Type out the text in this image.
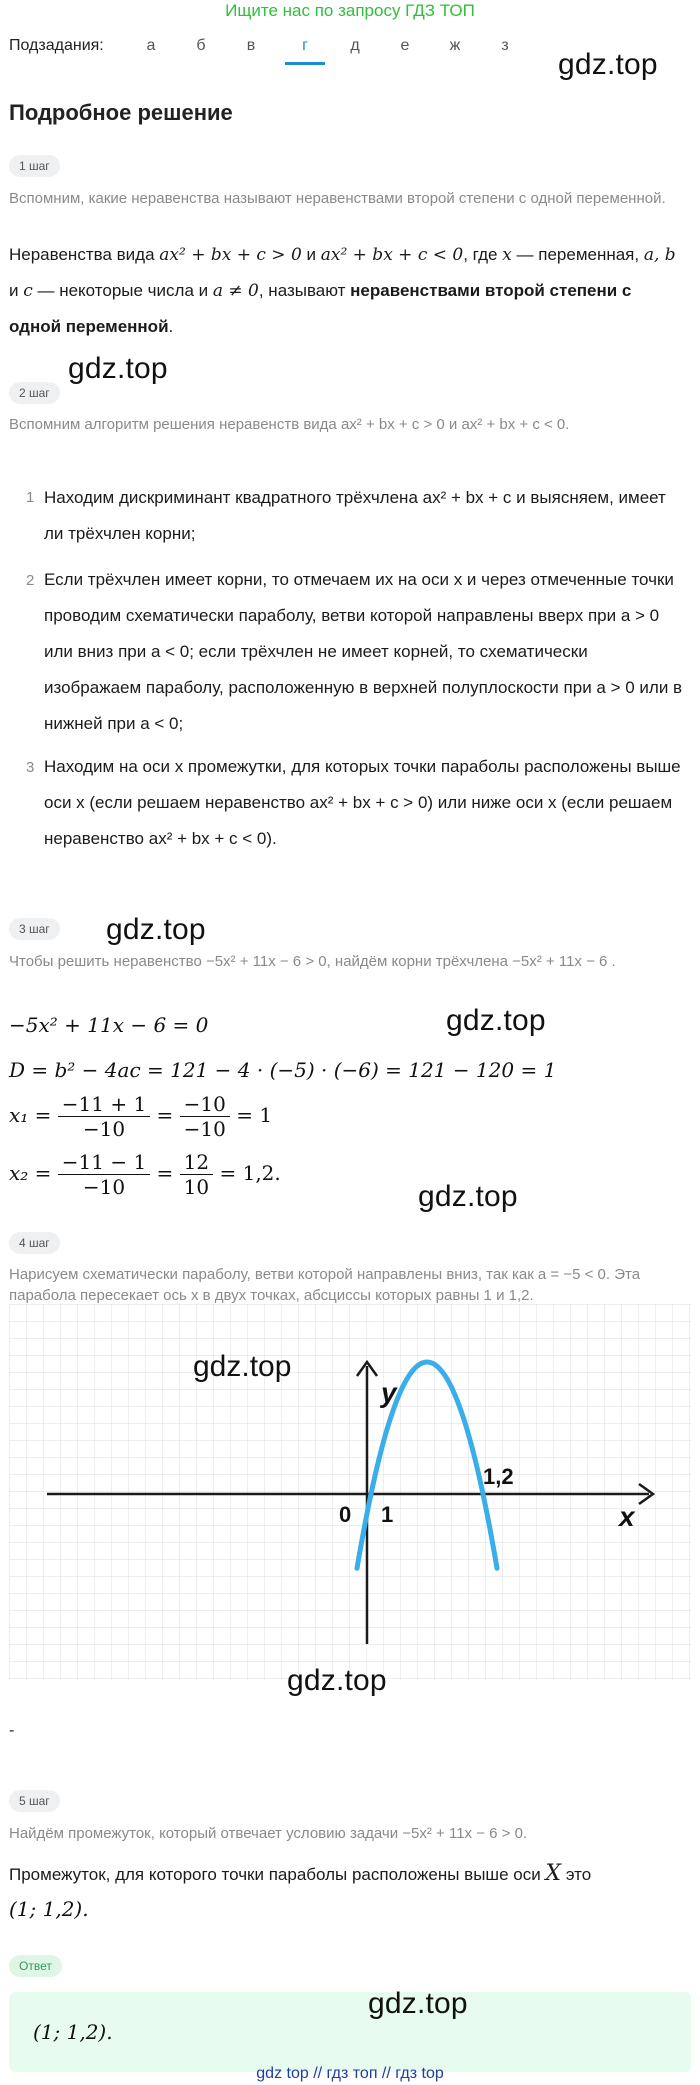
Ищите нас по запросу ГДЗ ТОП
Подзадания:	а	б	в	г	д	е	ж	з
gdz.top
Подробное решение
1 шаг
Вспомним, какие неравенства называют неравенствами второй степени с одной переменной.
Неравенства вида ax² + bx + c > 0 и ax² + bx + c < 0, где x — переменная, a, b и c — некоторые числа и a ≠ 0, называют неравенствами второй степени с одной переменной.
gdz.top
2 шаг
Вспомним алгоритм решения неравенств вида ax² + bx + c > 0 и ax² + bx + c < 0.
1 Находим дискриминант квадратного трёхчлена ax² + bx + c и выясняем, имеет ли трёхчлен корни;
2 Если трёхчлен имеет корни, то отмечаем их на оси x и через отмеченные точки проводим схематически параболу, ветви которой направлены вверх при a > 0 или вниз при a < 0; если трёхчлен не имеет корней, то схематически изображаем параболу, расположенную в верхней полуплоскости при a > 0 или в нижней при a < 0;
3 Находим на оси x промежутки, для которых точки параболы расположены выше оси x (если решаем неравенство ax² + bx + c > 0) или ниже оси x (если решаем неравенство ax² + bx + c < 0).
3 шаг	gdz.top
Чтобы решить неравенство −5x² + 11x − 6 > 0, найдём корни трёхчлена −5x² + 11x − 6 .
gdz.top
−5x² + 11x − 6 = 0
D = b² − 4ac = 121 − 4 · (−5) · (−6) = 121 − 120 = 1
$x_1 = \frac{-11 + 1}{-10} = \frac{-10}{-10} = 1$
$x_2 = \frac{-11 - 1}{-10} = \frac{12}{10} = 1,2$.
gdz.top
4 шаг
Нарисуем схематически параболу, ветви которой направлены вниз, так как a = −5 < 0. Эта парабола пересекает ось x в двух точках, абсциссы которых равны 1 и 1,2.
y
x
0 1
1,2
gdz.top
gdz.top
-
5 шаг
Найдём промежуток, который отвечает условию задачи −5x² + 11x − 6 > 0.
Промежуток, для которого точки параболы расположены выше оси X это
(1; 1,2).
Ответ
(1; 1,2).
gdz.top
gdz top // гдз топ // гдз top
